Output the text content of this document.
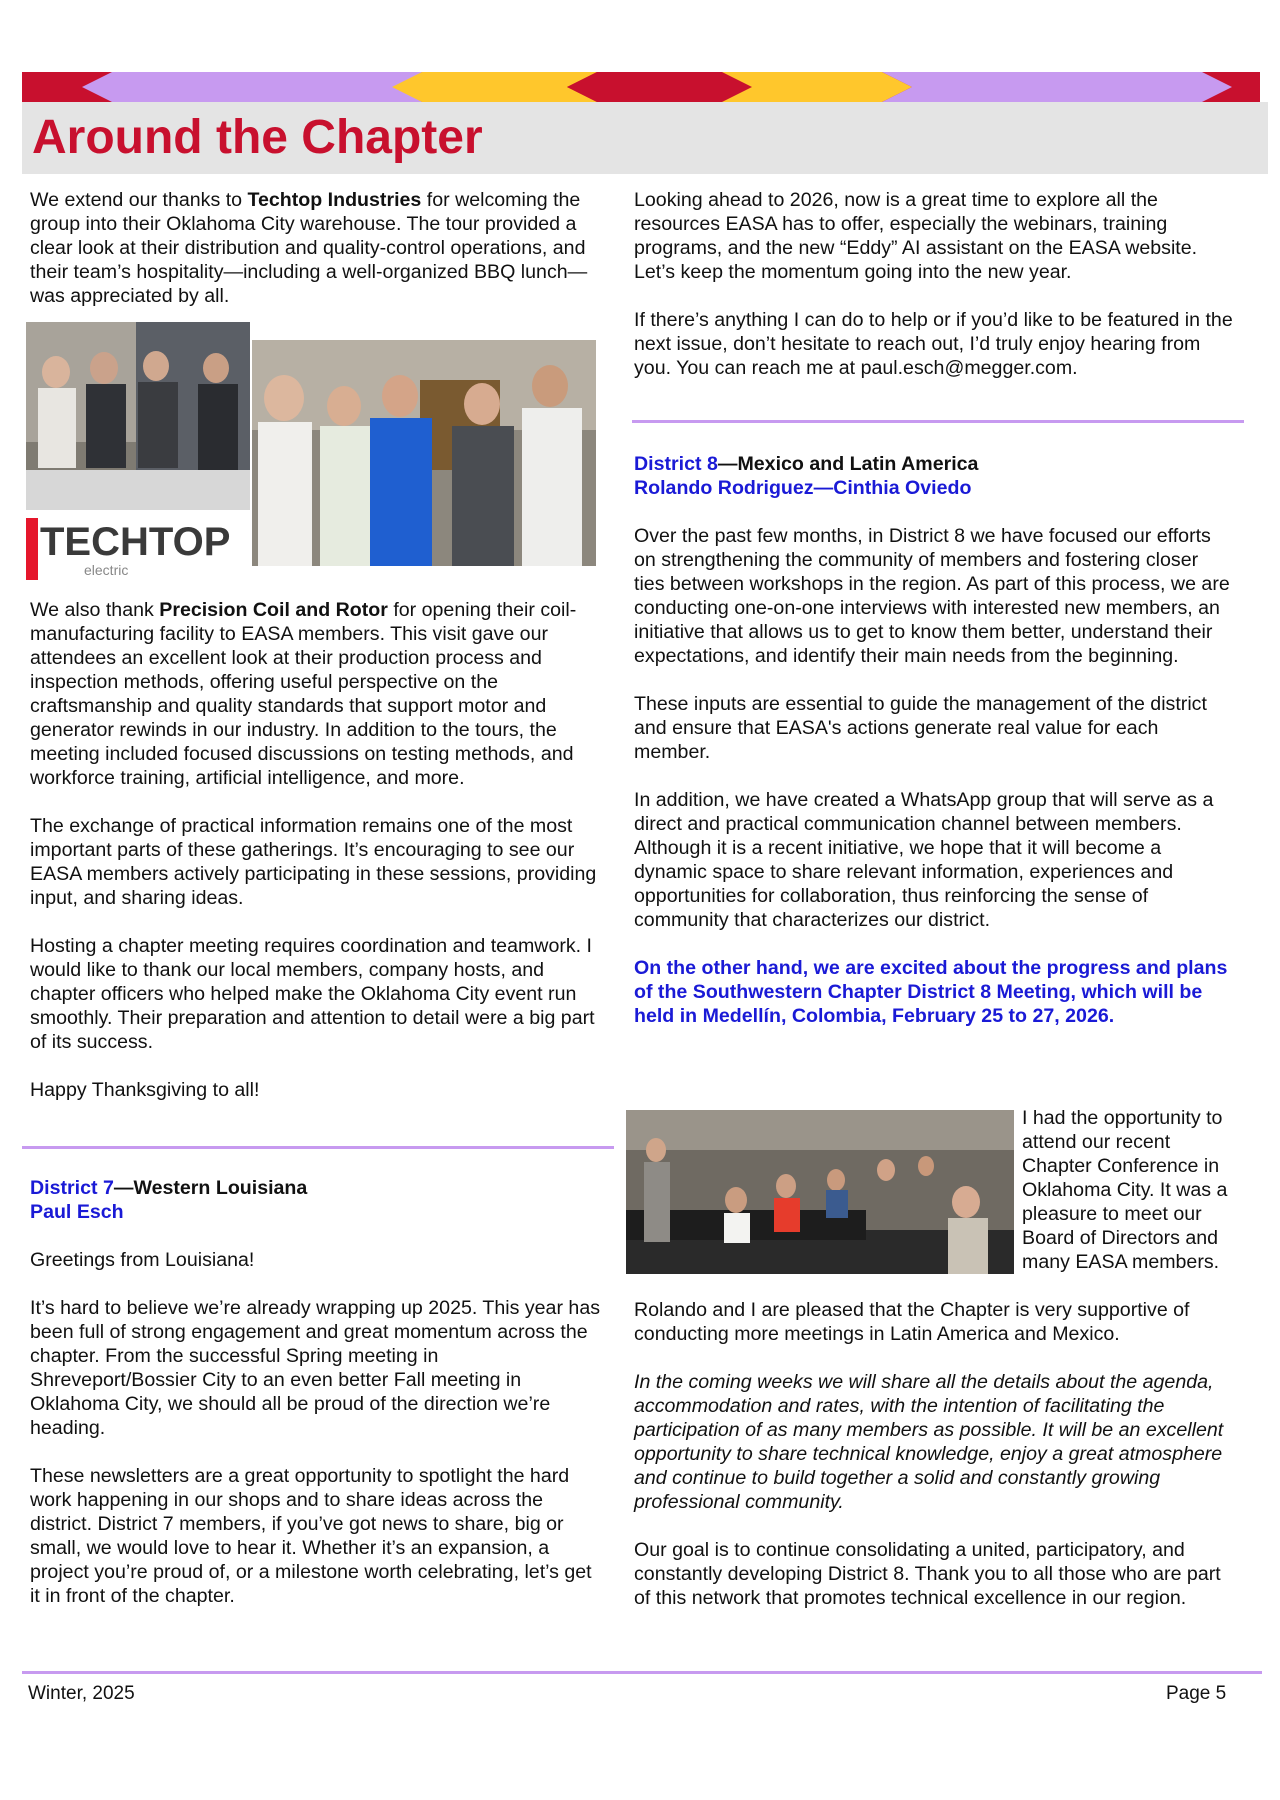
Around the Chapter

We extend our thanks to Techtop Industries for welcoming the group into their Oklahoma City warehouse. The tour provided a clear look at their distribution and quality-control operations, and their team’s hospitality—including a well-organized BBQ lunch—was appreciated by all.

TECHTOP
electric

We also thank Precision Coil and Rotor for opening their coil-manufacturing facility to EASA members. This visit gave our attendees an excellent look at their production process and inspection methods, offering useful perspective on the craftsmanship and quality standards that support motor and generator rewinds in our industry. In addition to the tours, the meeting included focused discussions on testing methods, and workforce training, artificial intelligence, and more.

The exchange of practical information remains one of the most important parts of these gatherings. It’s encouraging to see our EASA members actively participating in these sessions, providing input, and sharing ideas.

Hosting a chapter meeting requires coordination and teamwork. I would like to thank our local members, company hosts, and chapter officers who helped make the Oklahoma City event run smoothly. Their preparation and attention to detail were a big part of its success.

Happy Thanksgiving to all!

District 7—Western Louisiana
Paul Esch

Greetings from Louisiana!

It’s hard to believe we’re already wrapping up 2025. This year has been full of strong engagement and great momentum across the chapter. From the successful Spring meeting in Shreveport/Bossier City to an even better Fall meeting in Oklahoma City, we should all be proud of the direction we’re heading.

These newsletters are a great opportunity to spotlight the hard work happening in our shops and to share ideas across the district. District 7 members, if you’ve got news to share, big or small, we would love to hear it. Whether it’s an expansion, a project you’re proud of, or a milestone worth celebrating, let’s get it in front of the chapter.

Looking ahead to 2026, now is a great time to explore all the resources EASA has to offer, especially the webinars, training programs, and the new “Eddy” AI assistant on the EASA website. Let’s keep the momentum going into the new year.

If there’s anything I can do to help or if you’d like to be featured in the next issue, don’t hesitate to reach out, I’d truly enjoy hearing from you. You can reach me at paul.esch@megger.com.

District 8—Mexico and Latin America
Rolando Rodriguez—Cinthia Oviedo

Over the past few months, in District 8 we have focused our efforts on strengthening the community of members and fostering closer ties between workshops in the region. As part of this process, we are conducting one-on-one interviews with interested new members, an initiative that allows us to get to know them better, understand their expectations, and identify their main needs from the beginning.

These inputs are essential to guide the management of the district and ensure that EASA's actions generate real value for each member.

In addition, we have created a WhatsApp group that will serve as a direct and practical communication channel between members. Although it is a recent initiative, we hope that it will become a dynamic space to share relevant information, experiences and opportunities for collaboration, thus reinforcing the sense of community that characterizes our district.

On the other hand, we are excited about the progress and plans of the Southwestern Chapter District 8 Meeting, which will be held in Medellín, Colombia, February 25 to 27, 2026.

I had the opportunity to attend our recent Chapter Conference in Oklahoma City. It was a pleasure to meet our Board of Directors and many EASA members.

Rolando and I are pleased that the Chapter is very supportive of conducting more meetings in Latin America and Mexico.

In the coming weeks we will share all the details about the agenda, accommodation and rates, with the intention of facilitating the participation of as many members as possible. It will be an excellent opportunity to share technical knowledge, enjoy a great atmosphere and continue to build together a solid and constantly growing professional community.

Our goal is to continue consolidating a united, participatory, and constantly developing District 8. Thank you to all those who are part of this network that promotes technical excellence in our region.

Winter, 2025	Page 5
